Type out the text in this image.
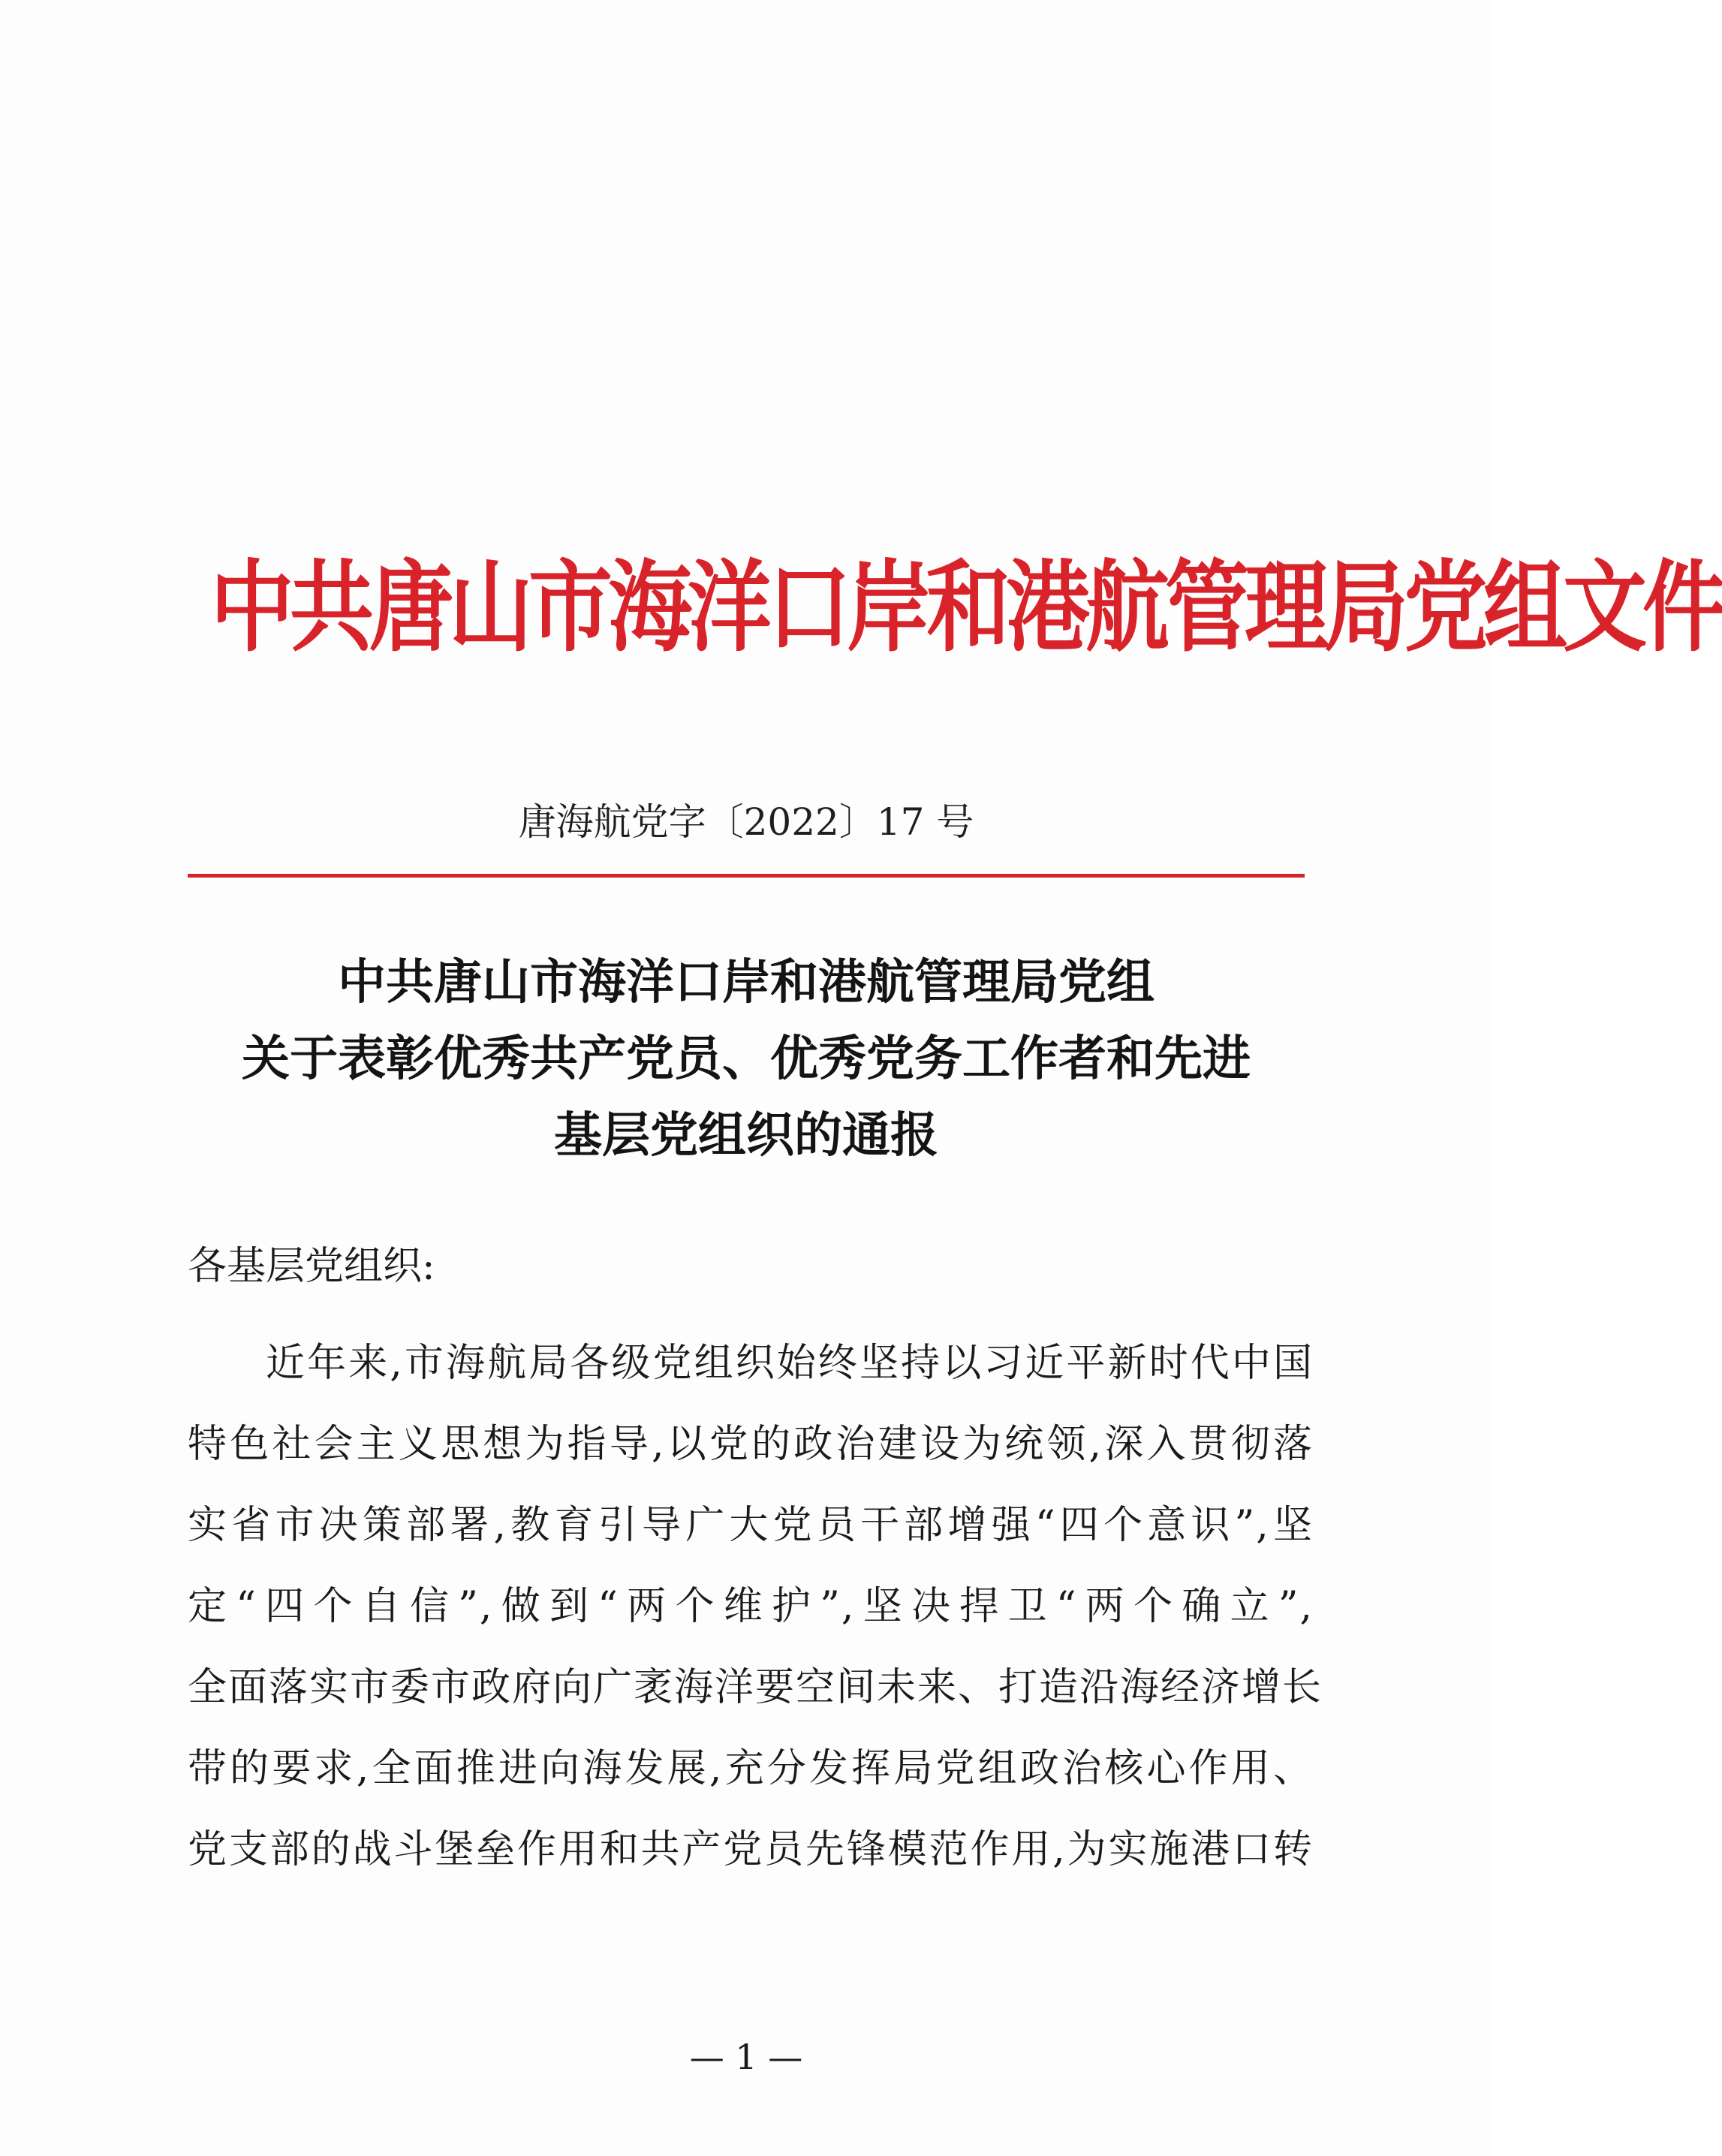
中共唐山市海洋口岸和港航管理局党组文件
唐海航党字〔2022〕17 号
中共唐山市海洋口岸和港航管理局党组
关于表彰优秀共产党员、优秀党务工作者和先进
基层党组织的通报
各基层党组织:
近年来,市海航局各级党组织始终坚持以习近平新时代中国
特色社会主义思想为指导,以党的政治建设为统领,深入贯彻落
实省市决策部署,教育引导广大党员干部增强“四个意识”,坚
定“四个自信”,做到“两个维护”,坚决捍卫“两个确立”,
全面落实市委市政府向广袤海洋要空间未来、打造沿海经济增长
带的要求,全面推进向海发展,充分发挥局党组政治核心作用、
党支部的战斗堡垒作用和共产党员先锋模范作用,为实施港口转
— 1 —
